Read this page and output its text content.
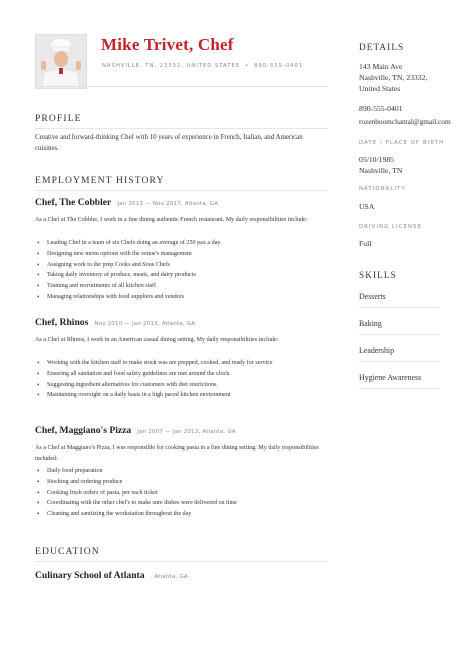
Mike Trivet, Chef
NASHVILLE, TN, 23332, UNITED STATES • 890-555-0401
PROFILE
Creative and forward-thinking Chef with 10 years of experience in French, Italian, and American cuisines.
EMPLOYMENT HISTORY
Chef, The Cobbler Jan 2013 — Nov 2017, Atlanta, GA
As a Chef at The Cobbler, I work in a fine dining authentic French restaurant. My daily responsibilities include:
• Leading Chef in a team of six Chefs doing an average of 250 pax a day.
• Designing new menu options with the venue's management
• Assigning work to the prep Cooks and Sous Chefs
• Taking daily inventory of produce, meats, and dairy products
• Training and recruitments of all kitchen staff
• Managing relationships with food suppliers and vendors
Chef, Rhinos Nov 2010 — Jan 2013, Atlanta, GA
As a Chef at Rhinos, I work in an American casual dining setting. My daily responsibilities include:
• Working with the kitchen staff to make stock was are prepped, cooked, and ready for service
• Ensuring all sanitation and food safety guidelines are met around the clock.
• Suggesting ingredient alternatives for customers with diet restrictions.
• Maintaining oversight on a daily basis in a high paced kitchen environment
Chef, Maggiano's Pizza Jan 2007 — Jan 2013, Atlanta, GA
As a Chef at Maggiano's Pizza, I was responsible for cooking pasta in a fine dining setting. My daily responsibilities included:
• Daily food preparation
• Stocking and ordering produce
• Cooking fresh orders of pasta, per each ticket
• Coordinating with the other chef's to make sure dishes were delivered on time
• Cleaning and sanitizing the workstation throughout the day
EDUCATION
Culinary School of Atlanta , Atlanta, GA
DETAILS
143 Main Ave
Nashville, TN, 23332,
United States
890-555-0401
rozenboomchantal@gmail.com
DATE / PLACE OF BIRTH
05/10/1985
Nashville, TN
NATIONALITY
USA
DRIVING LICENSE
Full
SKILLS
Desserts
Baking
Leadership
Hygiene Awareness
